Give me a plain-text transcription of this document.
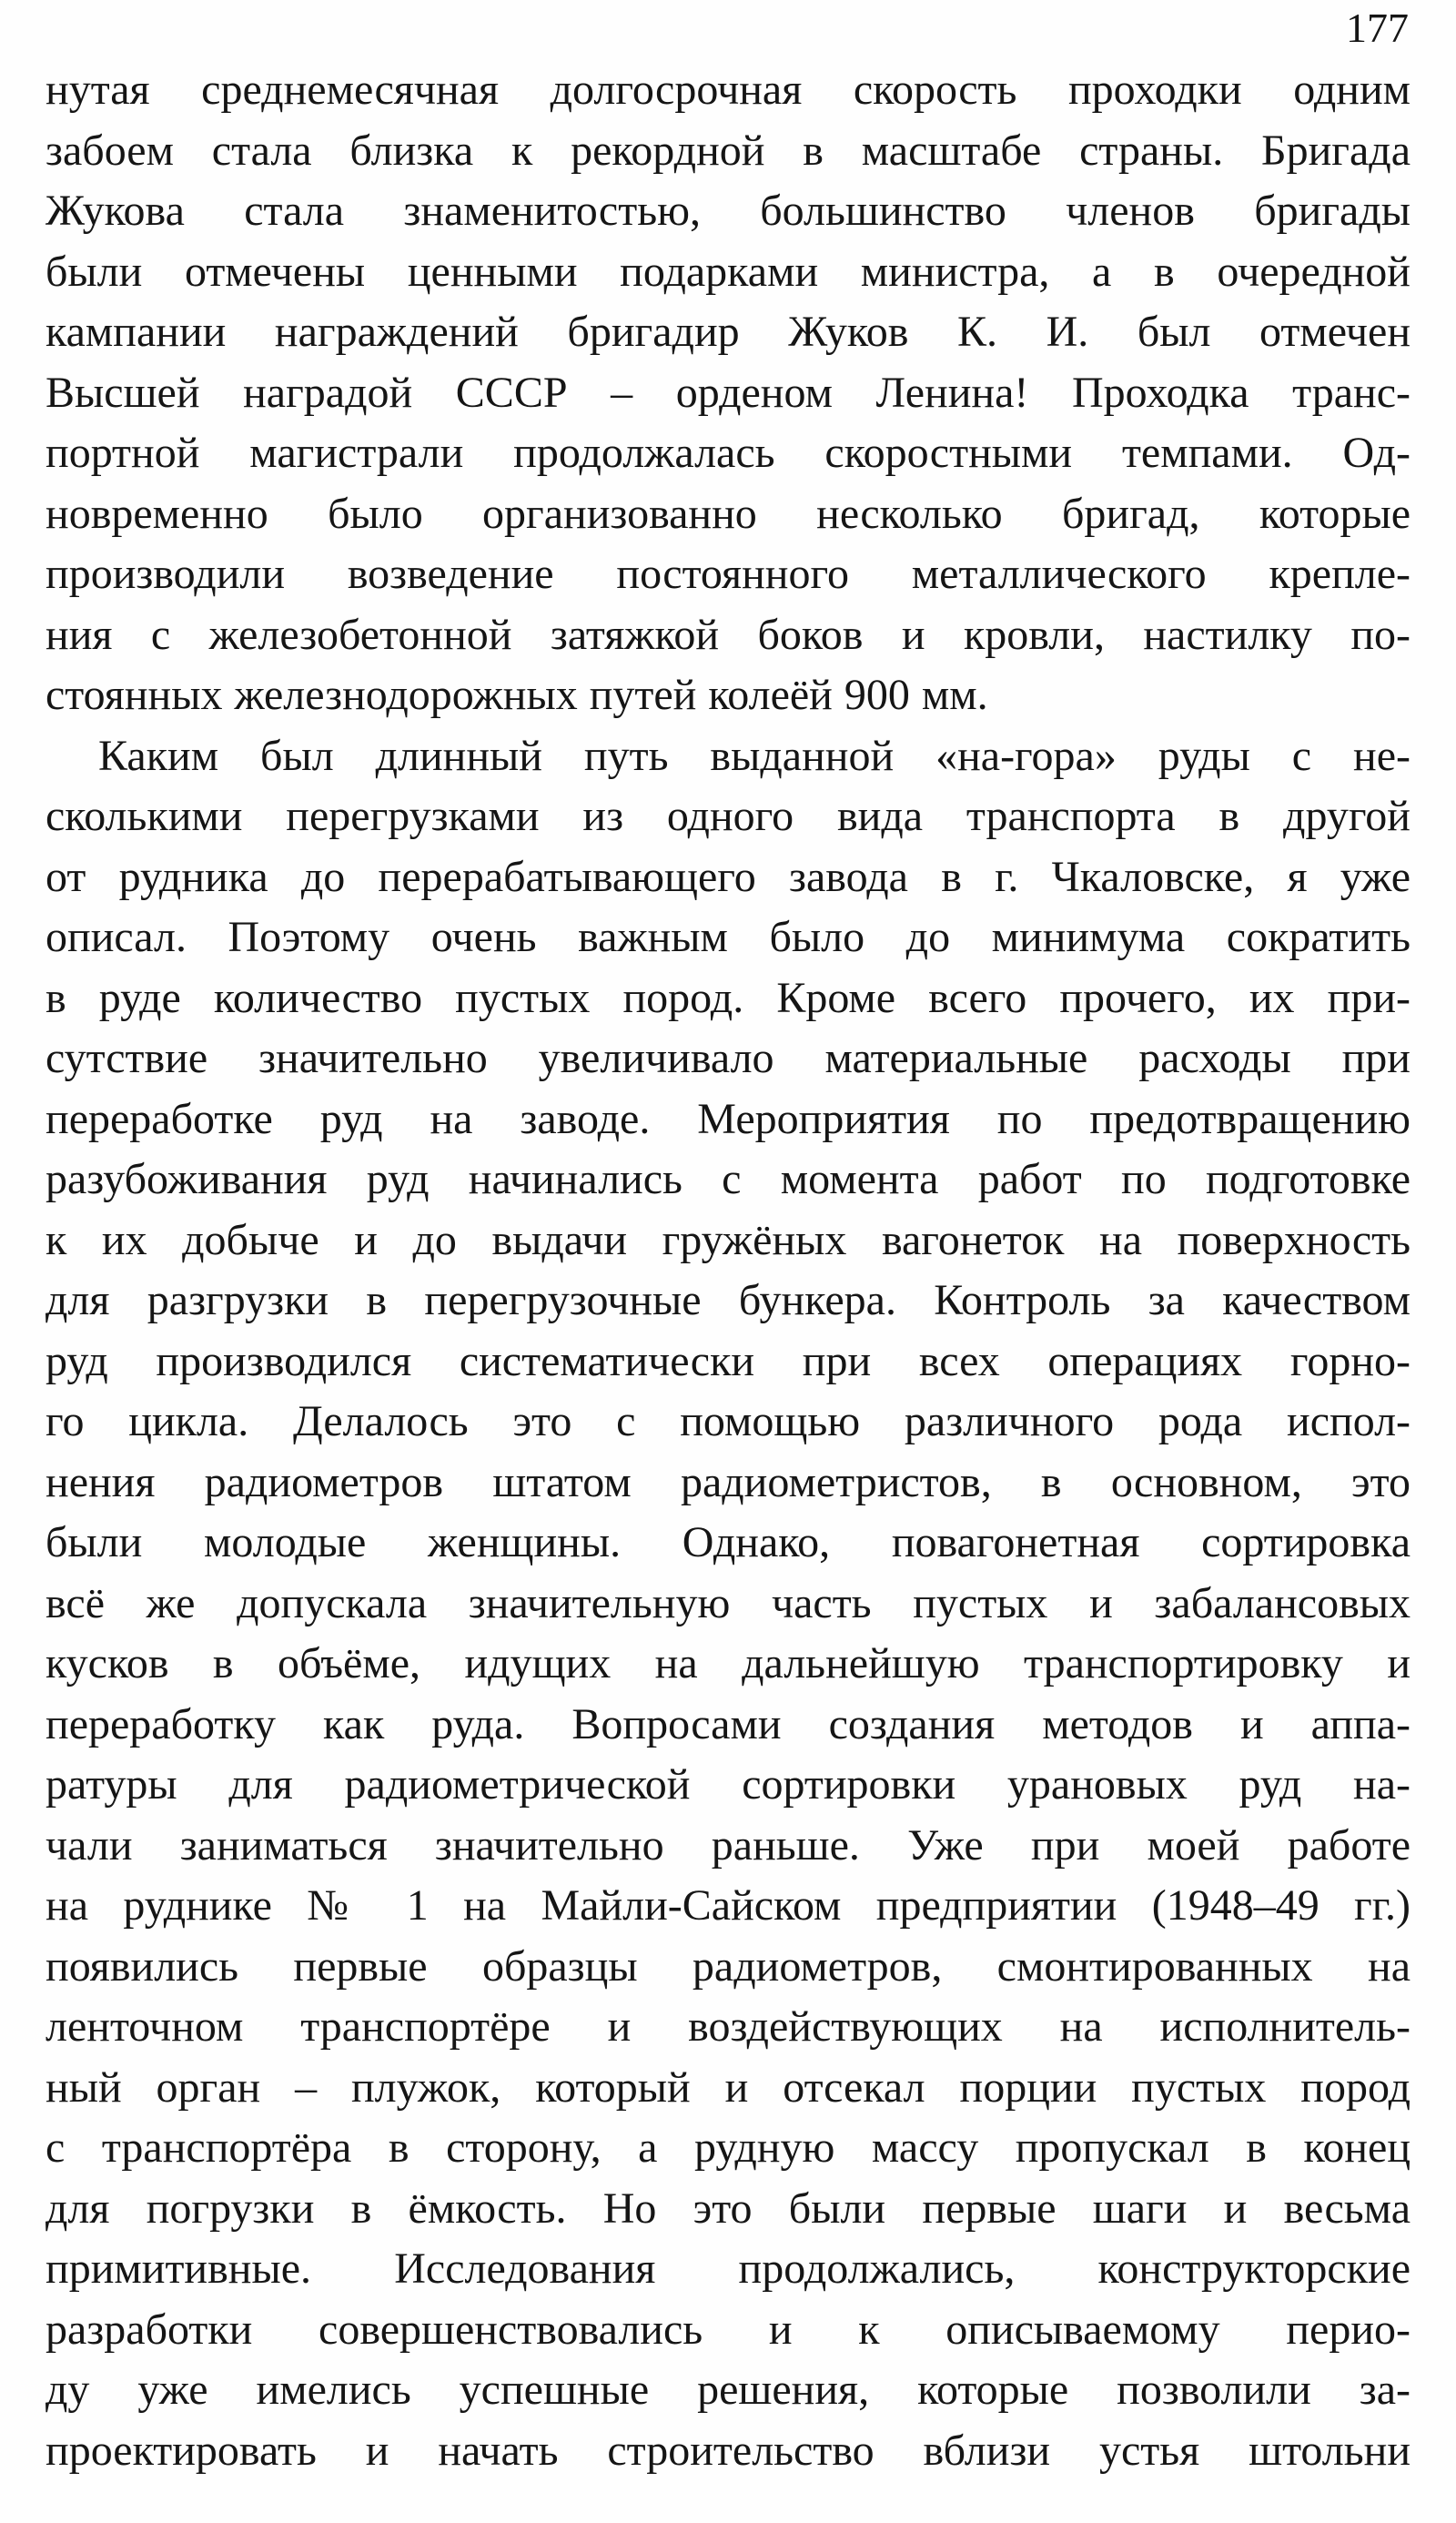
177
нутая среднемесячная долгосрочная скорость проходки одним
забоем стала близка к рекордной в масштабе страны. Бригада
Жукова стала знаменитостью, большинство членов бригады
были отмечены ценными подарками министра, а в очередной
кампании награждений бригадир Жуков К. И. был отмечен
Высшей наградой СССР – орденом Ленина! Проходка транс-
портной магистрали продолжалась скоростными темпами. Од-
новременно было организованно несколько бригад, которые
производили возведение постоянного металлического крепле-
ния с железобетонной затяжкой боков и кровли, настилку по-
стоянных железнодорожных путей колеёй 900 мм.
Каким был длинный путь выданной «на-гора» руды с не-
сколькими перегрузками из одного вида транспорта в другой
от рудника до перерабатывающего завода в г. Чкаловске, я уже
описал. Поэтому очень важным было до минимума сократить
в руде количество пустых пород. Кроме всего прочего, их при-
сутствие значительно увеличивало материальные расходы при
переработке руд на заводе. Мероприятия по предотвращению
разубоживания руд начинались с момента работ по подготовке
к их добыче и до выдачи гружёных вагонеток на поверхность
для разгрузки в перегрузочные бункера. Контроль за качеством
руд производился систематически при всех операциях горно-
го цикла. Делалось это с помощью различного рода испол-
нения радиометров штатом радиометристов, в основном, это
были молодые женщины. Однако, повагонетная сортировка
всё же допускала значительную часть пустых и забалансовых
кусков в объёме, идущих на дальнейшую транспортировку и
переработку как руда. Вопросами создания методов и аппа-
ратуры для радиометрической сортировки урановых руд на-
чали заниматься значительно раньше. Уже при моей работе
на руднике № 1 на Майли-Сайском предприятии (1948–49 гг.)
появились первые образцы радиометров, смонтированных на
ленточном транспортёре и воздействующих на исполнитель-
ный орган – плужок, который и отсекал порции пустых пород
с транспортёра в сторону, а рудную массу пропускал в конец
для погрузки в ёмкость. Но это были первые шаги и весьма
примитивные. Исследования продолжались, конструкторские
разработки совершенствовались и к описываемому перио-
ду уже имелись успешные решения, которые позволили за-
проектировать и начать строительство вблизи устья штольни
